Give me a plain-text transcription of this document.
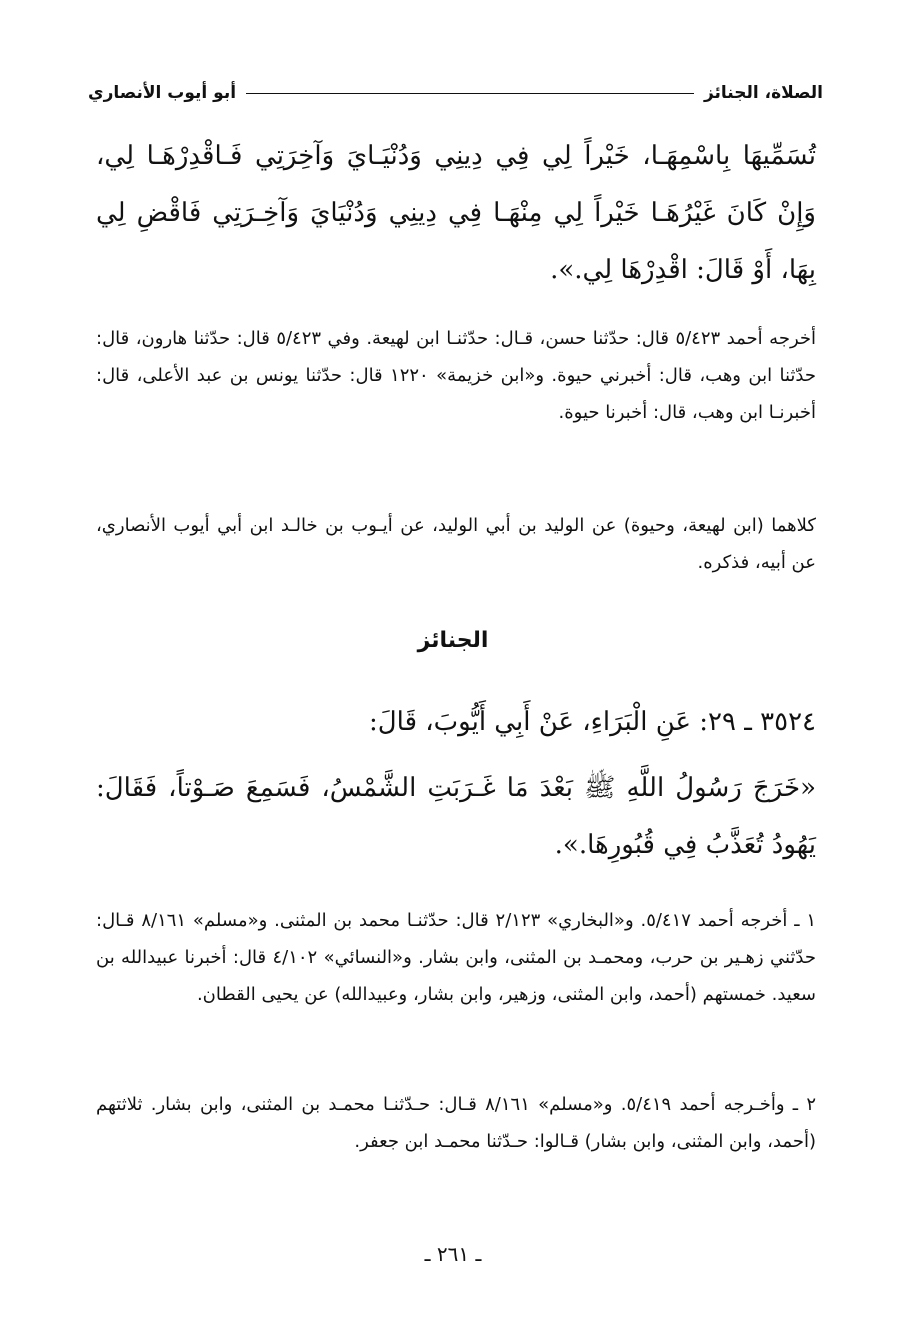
الصلاة، الجنائز
أبو أيوب الأنصاري
تُسَمِّيهَا بِاسْمِهَـا، خَيْراً لِي فِي دِينِي وَدُنْيَـايَ وَآخِرَتِي فَـاقْدِرْهَـا لِي، وَإِنْ كَانَ غَيْرُهَـا خَيْراً لِي مِنْهَـا فِي دِينِي وَدُنْيَايَ وَآخِـرَتِي فَاقْضِ لِي بِهَا، أَوْ قَالَ: اقْدِرْهَا لِي.».
أخرجه أحمد ٥/٤٢٣ قال: حدّثنا حسن، قـال: حدّثنـا ابن لهيعة. وفي ٥/٤٢٣ قال: حدّثنا هارون، قال: حدّثنا ابن وهب، قال: أخبرني حيوة. و«ابن خزيمة» ١٢٢٠ قال: حدّثنا يونس بن عبد الأعلى، قال: أخبرنـا ابن وهب، قال: أخبرنا حيوة.
كلاهما (ابن لهيعة، وحيوة) عن الوليد بن أبي الوليد، عن أيـوب بن خالـد ابن أبي أيوب الأنصاري، عن أبيه، فذكره.
الجنائز
٣٥٢٤ ـ ٢٩: عَنِ الْبَرَاءِ، عَنْ أَبِي أَيُّوبَ، قَالَ:
«خَرَجَ رَسُولُ اللَّهِ ﷺ بَعْدَ مَا غَـرَبَتِ الشَّمْسُ، فَسَمِعَ صَـوْتاً، فَقَالَ: يَهُودُ تُعَذَّبُ فِي قُبُورِهَا.».
١ ـ أخرجه أحمد ٥/٤١٧. و«البخاري» ٢/١٢٣ قال: حدّثنـا محمد بن المثنى. و«مسلم» ٨/١٦١ قـال: حدّثني زهـير بن حرب، ومحمـد بن المثنى، وابن بشار. و«النسائي» ٤/١٠٢ قال: أخبرنا عبيدالله بن سعيد. خمستهم (أحمد، وابن المثنى، وزهير، وابن بشار، وعبيدالله) عن يحيى القطان.
٢ ـ وأخـرجه أحمد ٥/٤١٩. و«مسلم» ٨/١٦١ قـال: حـدّثنـا محمـد بن المثنى، وابن بشار. ثلاثتهم (أحمد، وابن المثنى، وابن بشار) قـالوا: حـدّثنا محمـد ابن جعفر.
ـ ٢٦١ ـ
